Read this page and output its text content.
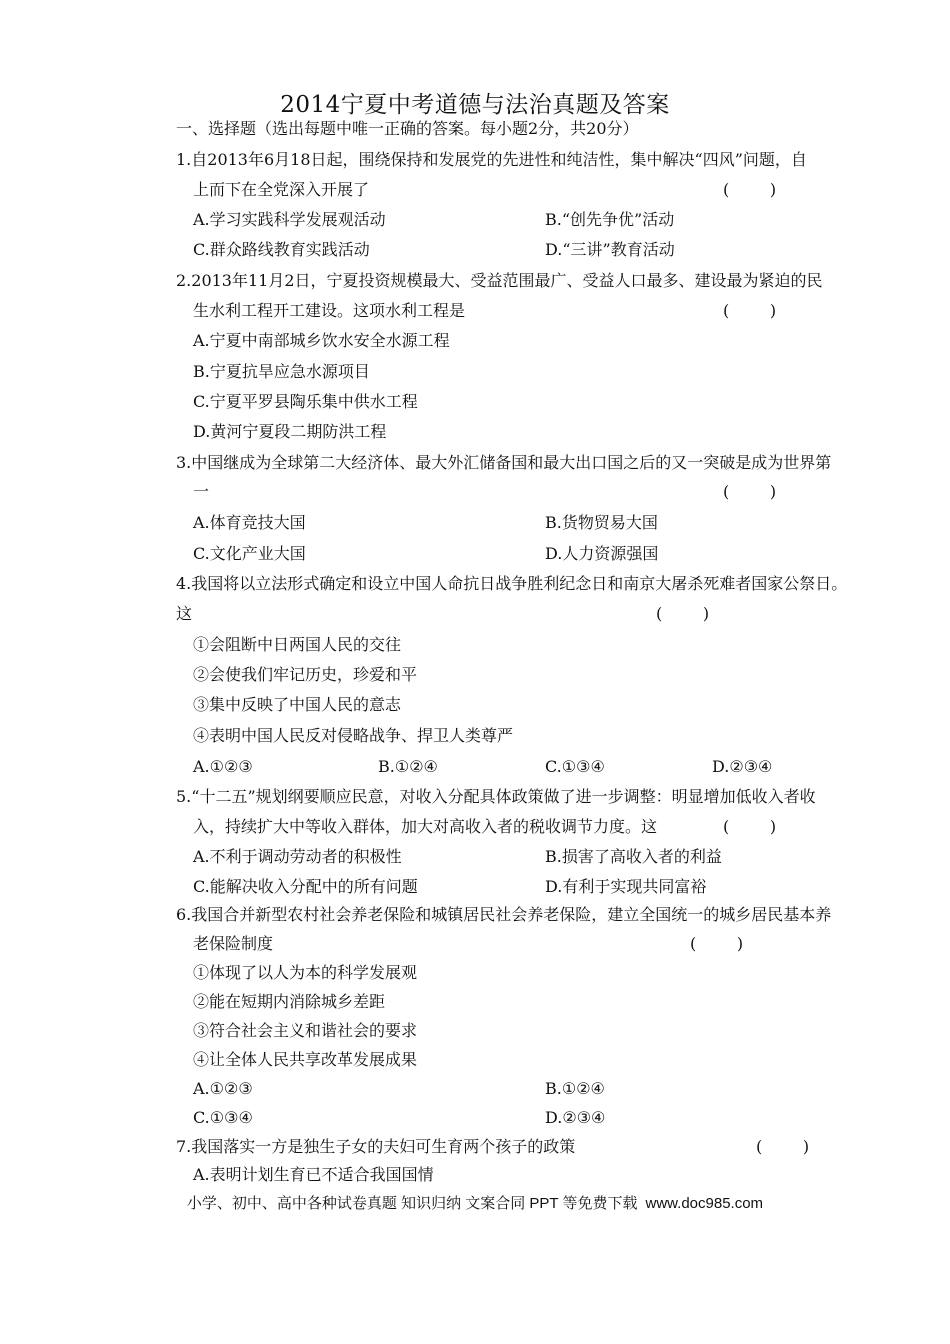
2014宁夏中考道德与法治真题及答案
一、选择题（选出每题中唯一正确的答案。每小题2分，共20分）
1.自2013年6月18日起，围绕保持和发展党的先进性和纯洁性，集中解决“四风”问题，自
上而下在全党深入开展了	(        )
A.学习实践科学发展观活动	B.“创先争优”活动
C.群众路线教育实践活动	D.“三讲”教育活动
2.2013年11月2日，宁夏投资规模最大、受益范围最广、受益人口最多、建设最为紧迫的民
生水利工程开工建设。这项水利工程是	(        )
A.宁夏中南部城乡饮水安全水源工程
B.宁夏抗旱应急水源项目
C.宁夏平罗县陶乐集中供水工程
D.黄河宁夏段二期防洪工程
3.中国继成为全球第二大经济体、最大外汇储备国和最大出口国之后的又一突破是成为世界第
一	(        )
A.体育竞技大国	B.货物贸易大国
C.文化产业大国	D.人力资源强国
4.我国将以立法形式确定和设立中国人命抗日战争胜利纪念日和南京大屠杀死难者国家公祭日。
这	(        )
①会阻断中日两国人民的交往
②会使我们牢记历史，珍爱和平
③集中反映了中国人民的意志
④表明中国人民反对侵略战争、捍卫人类尊严
A.①②③	B.①②④	C.①③④	D.②③④
5.“十二五”规划纲要顺应民意，对收入分配具体政策做了进一步调整：明显增加低收入者收
入，持续扩大中等收入群体，加大对高收入者的税收调节力度。这	(        )
A.不利于调动劳动者的积极性	B.损害了高收入者的利益
C.能解决收入分配中的所有问题	D.有利于实现共同富裕
6.我国合并新型农村社会养老保险和城镇居民社会养老保险，建立全国统一的城乡居民基本养
老保险制度	(        )
①体现了以人为本的科学发展观
②能在短期内消除城乡差距
③符合社会主义和谐社会的要求
④让全体人民共享改革发展成果
A.①②③	B.①②④
C.①③④	D.②③④
7.我国落实一方是独生子女的夫妇可生育两个孩子的政策	(        )
A.表明计划生育已不适合我国国情
小学、初中、高中各种试卷真题 知识归纳 文案合同 PPT 等免费下载 www.doc985.com
